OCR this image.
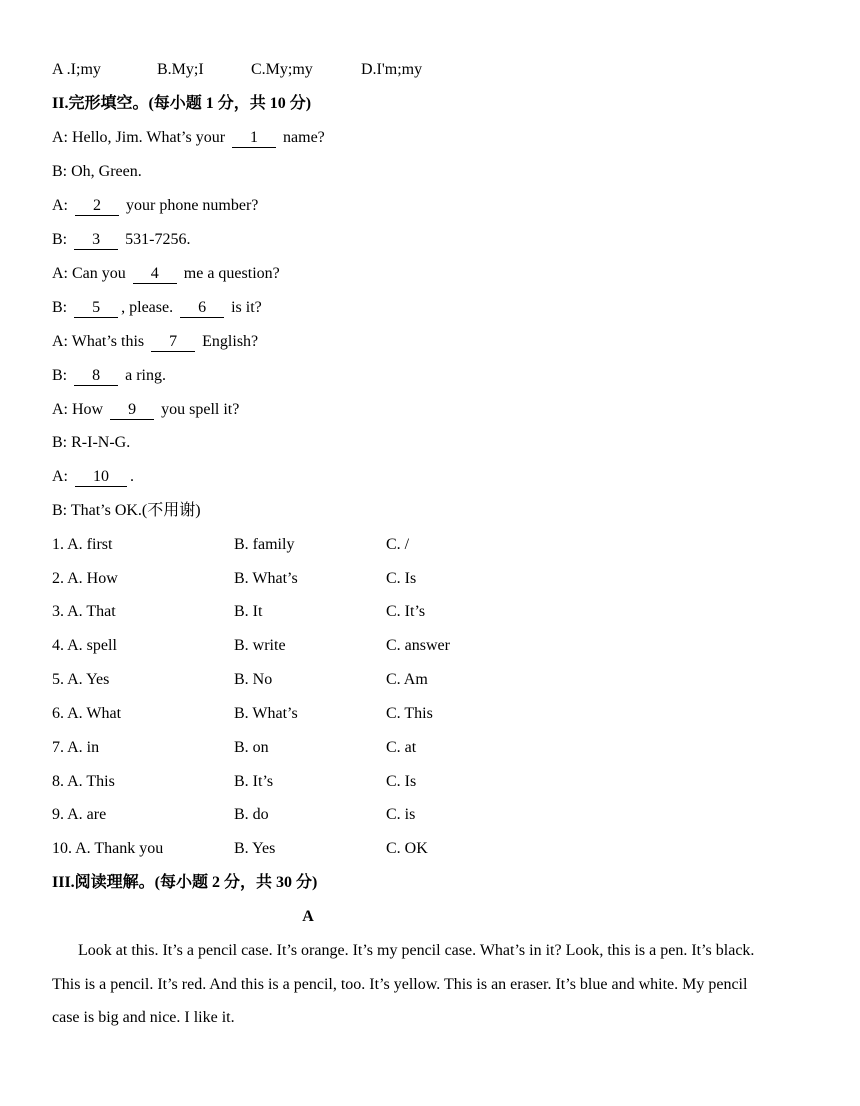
A .I;my	B.My;I	C.My;my	D.I'm;my
II.完形填空。(每小题 1 分，共 10 分)
A: Hello, Jim. What’s your 1 name?
B: Oh, Green.
A: 2 your phone number?
B: 3 531-7256.
A: Can you 4 me a question?
B: 5 , please. 6 is it?
A: What’s this 7 English?
B: 8 a ring.
A: How 9 you spell it?
B: R-I-N-G.
A: 10 .
B: That’s OK.(不用谢)
1. A. first	B. family	C. /
2. A. How	B. What’s	C. Is
3. A. That	B. It	C. It’s
4. A. spell	B. write	C. answer
5. A. Yes	B. No	C. Am
6. A. What	B. What’s	C. This
7. A. in	B. on	C. at
8. A. This	B. It’s	C. Is
9. A. are	B. do	C. is
10. A. Thank you	B. Yes	C. OK
III.阅读理解。(每小题 2 分，共 30 分)
A
Look at this. It’s a pencil case. It’s orange. It’s my pencil case. What’s in it? Look, this is a pen. It’s black.
This is a pencil. It’s red. And this is a pencil, too. It’s yellow. This is an eraser. It’s blue and white. My pencil
case is big and nice. I like it.
